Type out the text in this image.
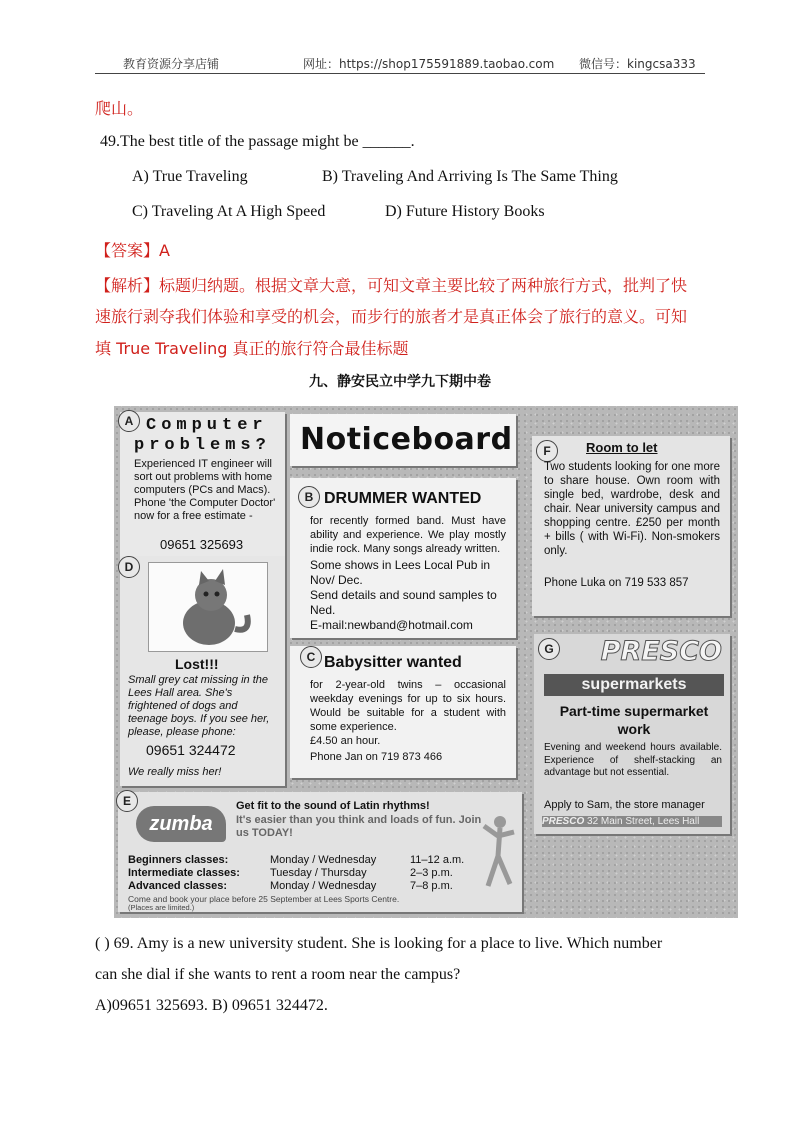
教育资源分享店铺	网址：https://shop175591889.taobao.com 微信号：kingcsa333
爬山。
49.The best title of the passage might be ______.
A) True Traveling	B) Traveling And Arriving Is The Same Thing
C) Traveling At A High Speed	D) Future History Books
【答案】A
【解析】标题归纳题。根据文章大意，可知文章主要比较了两种旅行方式，批判了快
速旅行剥夺我们体验和享受的机会，而步行的旅者才是真正体会了旅行的意义。可知
填 True Traveling 真正的旅行符合最佳标题
九、静安民立中学九下期中卷
A Computer
problems?
Experienced IT engineer will sort out problems with home computers (PCs and Macs). Phone 'the Computer Doctor' now for a free estimate -
09651 325693
Noticeboard
B DRUMMER WANTED
for recently formed band. Must have ability and experience. We play mostly indie rock. Many songs already written.
Some shows in Lees Local Pub in Nov/ Dec.
Send details and sound samples to Ned.
E-mail:newband@hotmail.com
D
Lost!!!
Small grey cat missing in the Lees Hall area. She's frightened of dogs and teenage boys. If you see her, please, please phone:
09651 324472
We really miss her!
C Babysitter wanted
for 2-year-old twins – occasional weekday evenings for up to six hours. Would be suitable for a student with some experience.
£4.50 an hour.
Phone Jan on 719 873 466
F	Room to let
Two students looking for one more to share house. Own room with single bed, wardrobe, desk and chair. Near university campus and shopping centre. £250 per month + bills ( with Wi-Fi). Non-smokers only.
Phone Luka on 719 533 857
G	PRESCO
supermarkets
Part-time supermarket work
Evening and weekend hours available. Experience of shelf-stacking an advantage but not essential.
Apply to Sam, the store manager
PRESCO 32 Main Street, Lees Hall
E
zumba
Get fit to the sound of Latin rhythms!
It's easier than you think and loads of fun. Join us TODAY!
Beginners classes:	Monday / Wednesday	11–12 a.m.
Intermediate classes:	Tuesday / Thursday	2–3 p.m.
Advanced classes:	Monday / Wednesday	7–8 p.m.
Come and book your place before 25 September at Lees Sports Centre.
(Places are limited.)
( ) 69. Amy is a new university student. She is looking for a place to live. Which number
can she dial if she wants to rent a room near the campus?
A)09651 325693. B) 09651 324472.
